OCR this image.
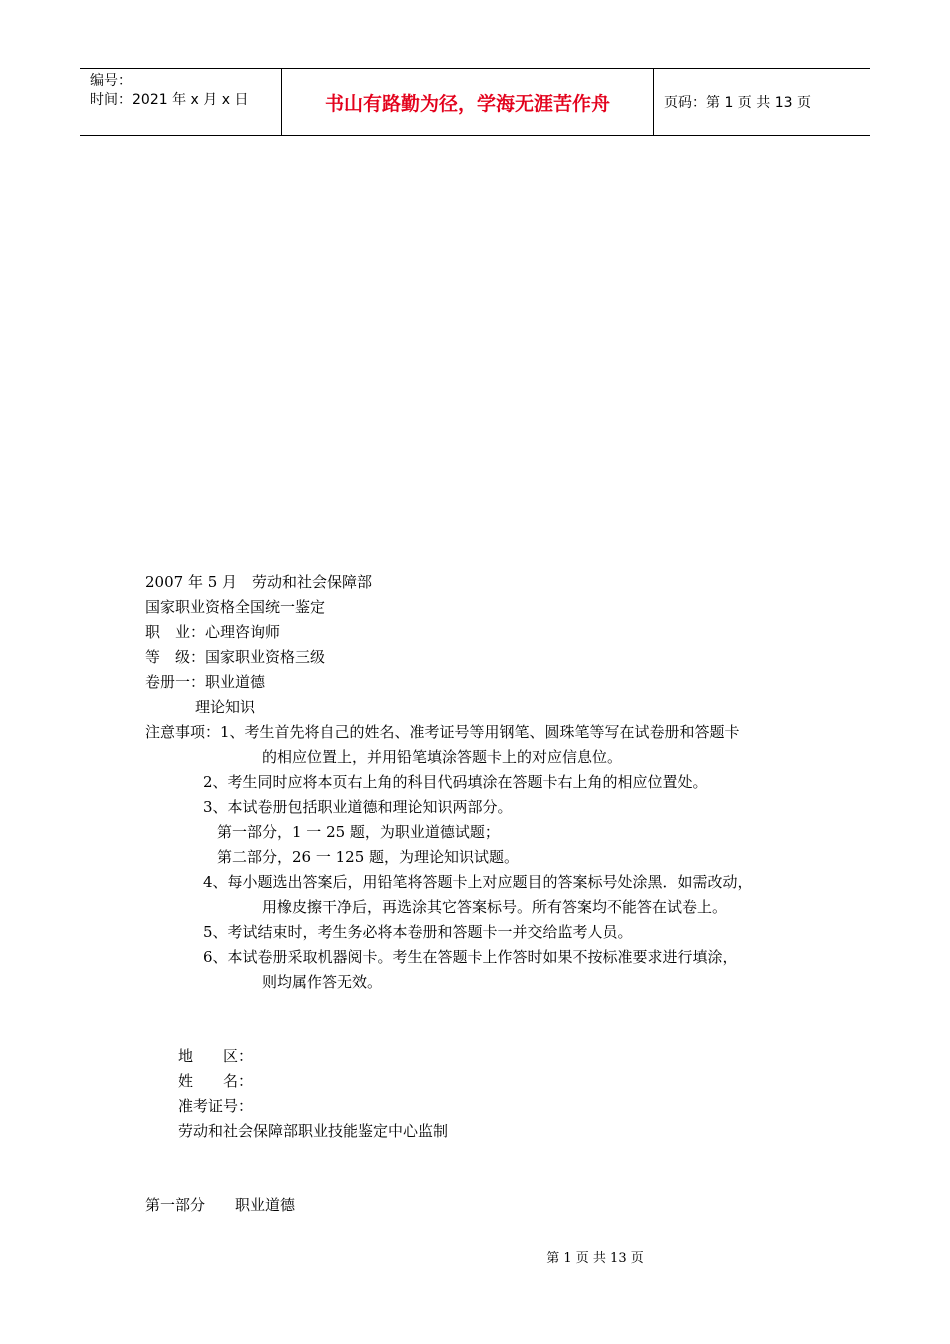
编号：
时间：2021 年 x 月 x 日	书山有路勤为径，学海无涯苦作舟	页码：第 1 页 共 13 页
2007 年 5 月　劳动和社会保障部
国家职业资格全国统一鉴定
职　业：心理咨询师
等　级：国家职业资格三级
卷册一：职业道德
理论知识
注意事项：1、考生首先将自己的姓名、准考证号等用钢笔、圆珠笔等写在试卷册和答题卡
的相应位置上，并用铅笔填涂答题卡上的对应信息位。
2、考生同时应将本页右上角的科目代码填涂在答题卡右上角的相应位置处。
3、本试卷册包括职业道德和理论知识两部分。
第一部分，1 一 25 题，为职业道德试题；
第二部分，26 一 125 题，为理论知识试题。
4、每小题选出答案后，用铅笔将答题卡上对应题目的答案标号处涂黑．如需改动，
用橡皮擦干净后，再选涂其它答案标号。所有答案均不能答在试卷上。
5、考试结束时，考生务必将本卷册和答题卡一并交给监考人员。
6、本试卷册采取机器阅卡。考生在答题卡上作答时如果不按标准要求进行填涂，
则均属作答无效。
地　　区：
姓　　名：
准考证号：
劳动和社会保障部职业技能鉴定中心监制
第一部分　　职业道德
第 1 页 共 13 页
